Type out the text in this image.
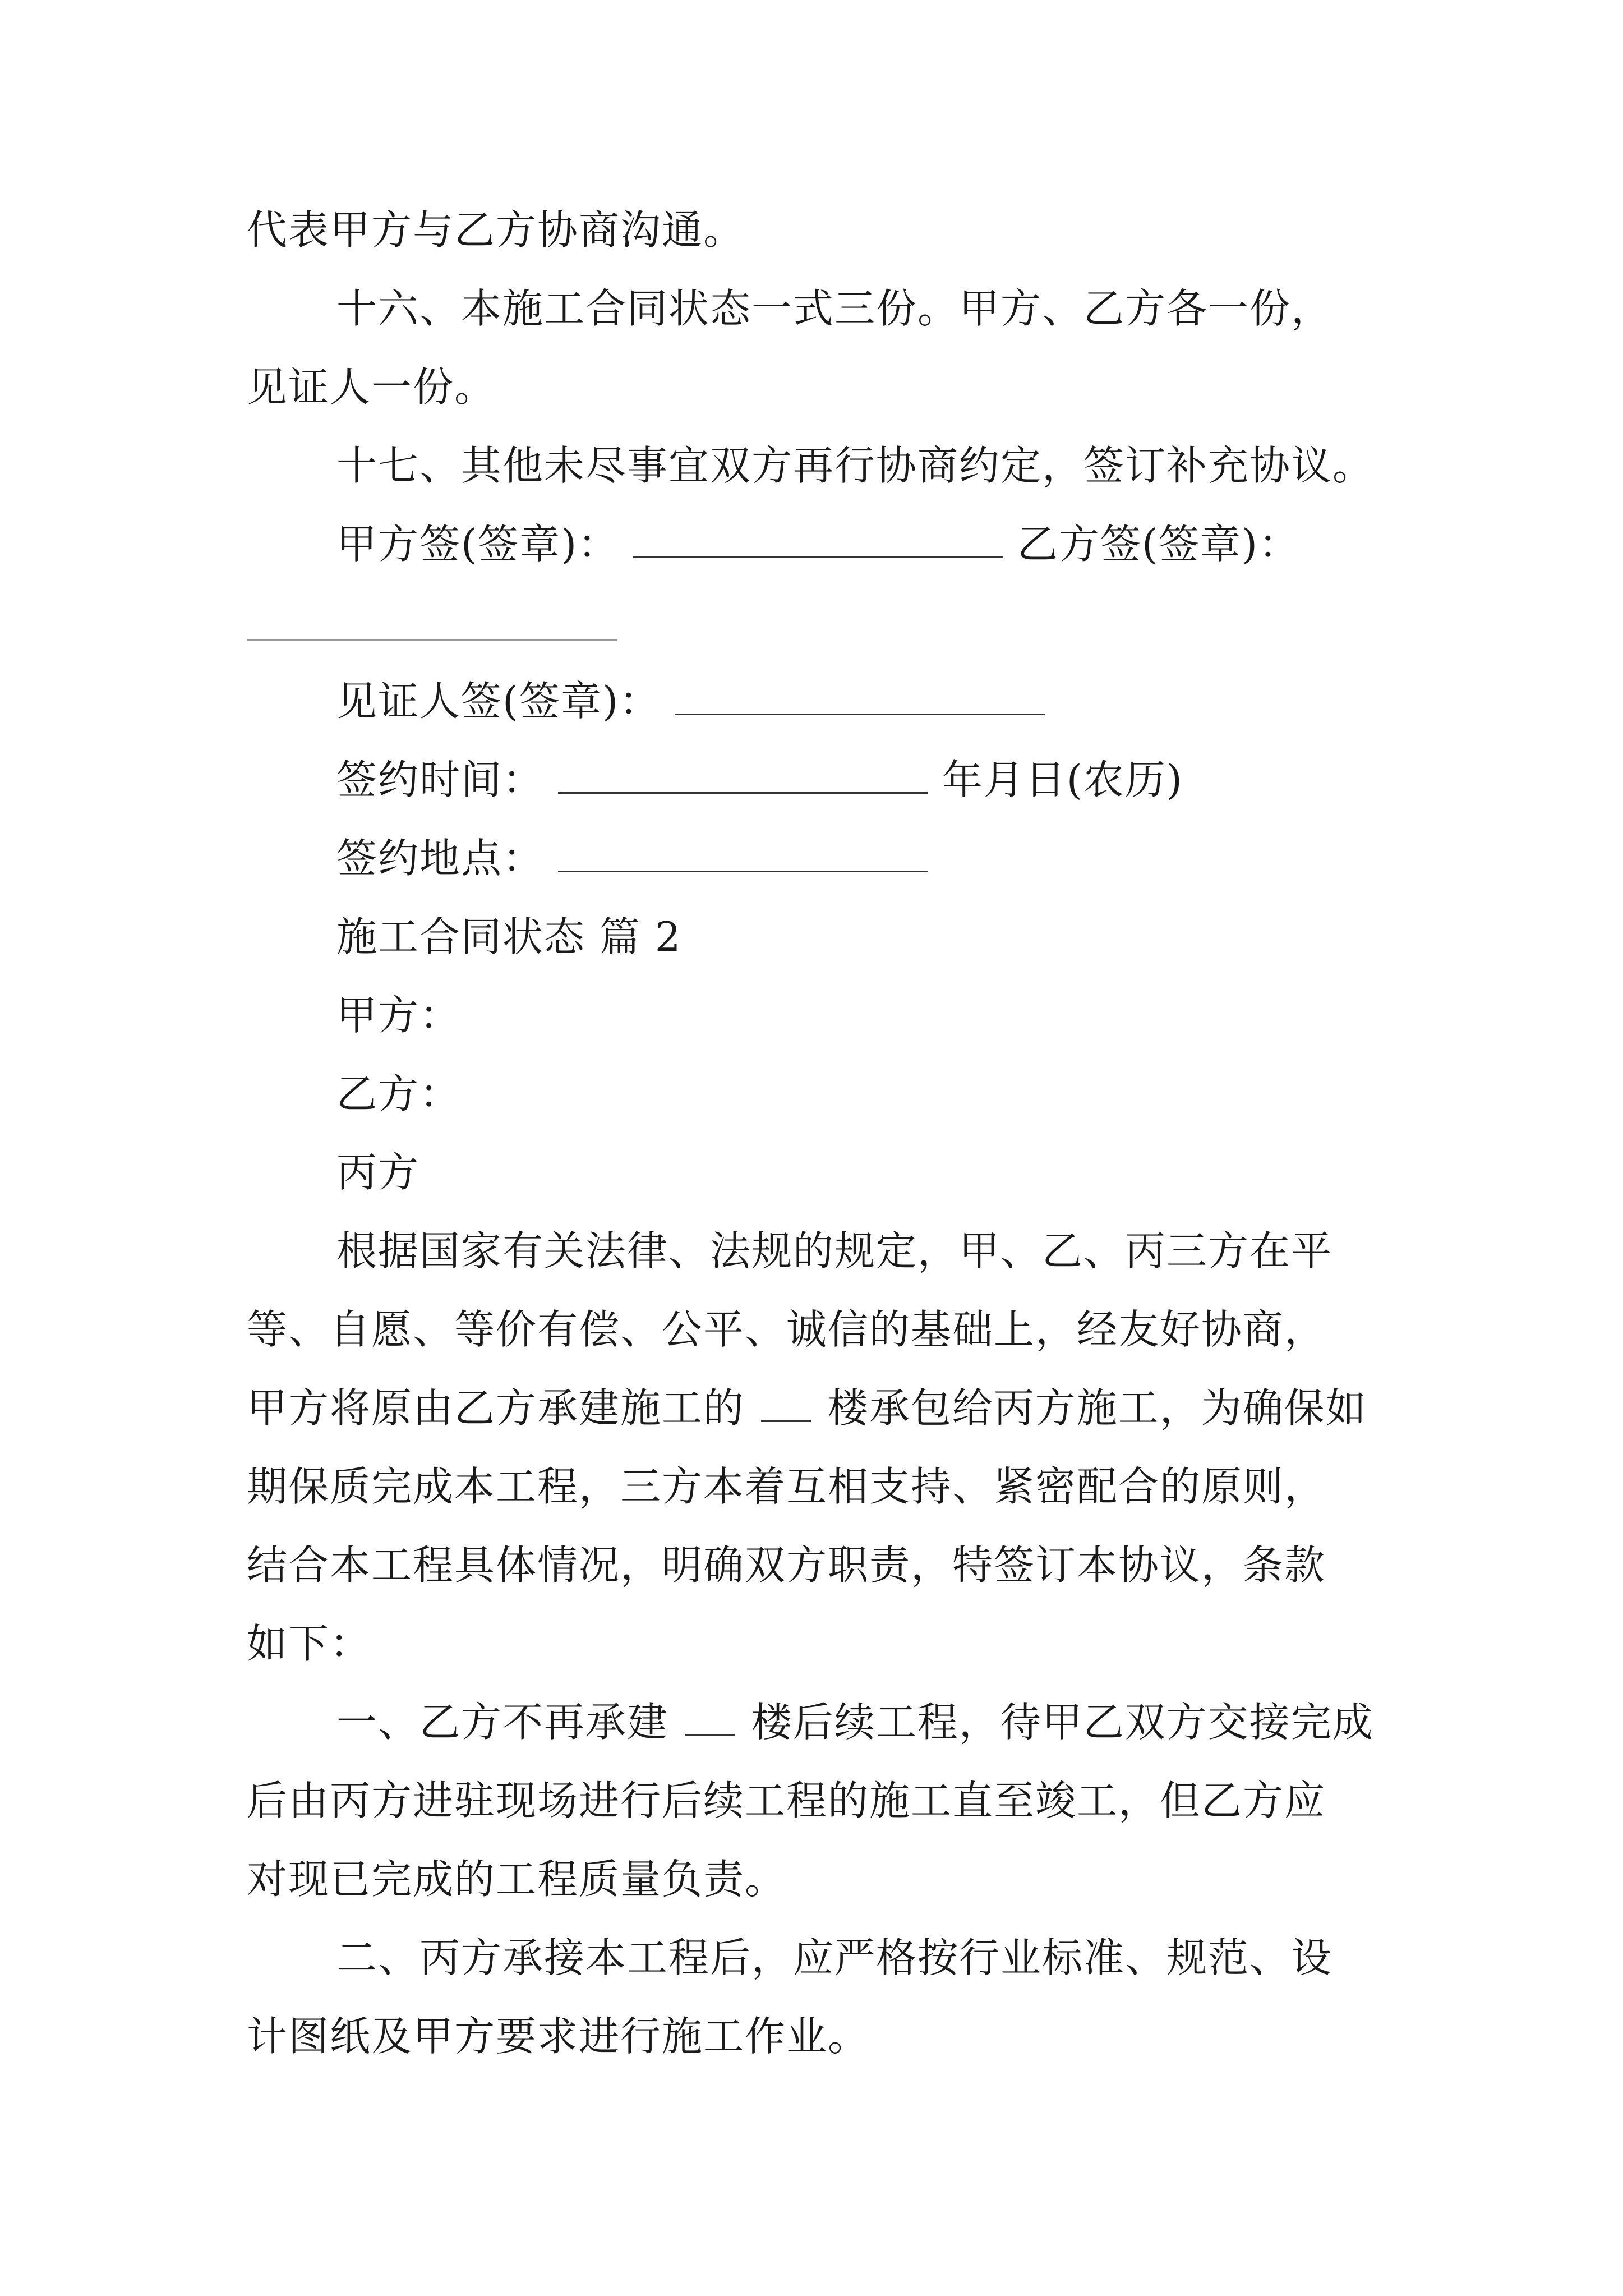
代表甲方与乙方协商沟通。
十六、本施工合同状态一式三份。甲方、乙方各一份，
见证人一份。
十七、其他未尽事宜双方再行协商约定，签订补充协议。
甲方签(签章)：	乙方签(签章)：
见证人签(签章)：
签约时间：	年月日(农历)
签约地点：
施工合同状态 篇 2
甲方：
乙方：
丙方
根据国家有关法律、法规的规定，甲、乙、丙三方在平
等、自愿、等价有偿、公平、诚信的基础上，经友好协商，
甲方将原由乙方承建施工的 楼承包给丙方施工，为确保如
期保质完成本工程，三方本着互相支持、紧密配合的原则，
结合本工程具体情况，明确双方职责，特签订本协议，条款
如下：
一、乙方不再承建 楼后续工程，待甲乙双方交接完成
后由丙方进驻现场进行后续工程的施工直至竣工，但乙方应
对现已完成的工程质量负责。
二、丙方承接本工程后，应严格按行业标准、规范、设
计图纸及甲方要求进行施工作业。
